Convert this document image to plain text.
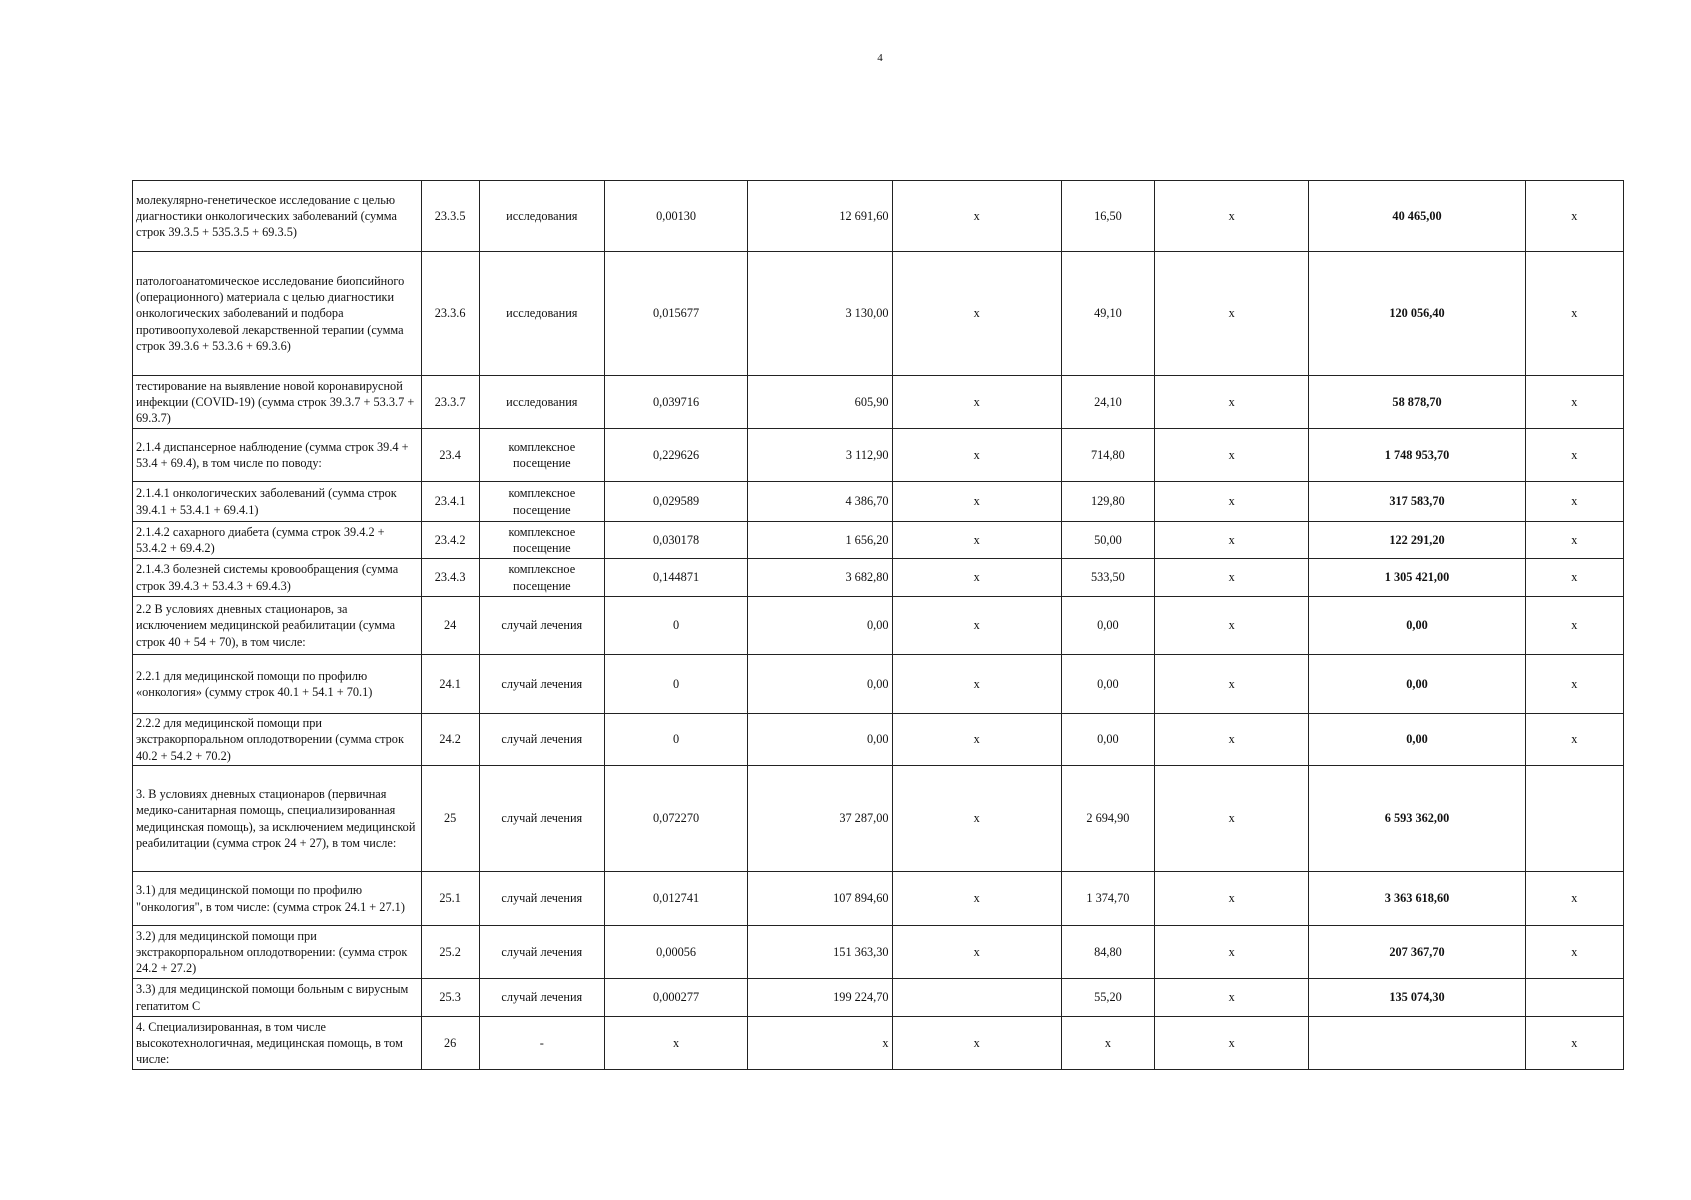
4
молекулярно-генетическое исследование с целью диагностики онкологических заболеваний (сумма строк 39.3.5 + 535.3.5 + 69.3.5)	23.3.5	исследования	0,00130	12 691,60	х	16,50	х	40 465,00	х
патологоанатомическое исследование биопсийного (операционного) материала с целью диагностики онкологических заболеваний и подбора противоопухолевой лекарственной терапии (сумма строк 39.3.6 + 53.3.6 + 69.3.6)	23.3.6	исследования	0,015677	3 130,00	х	49,10	х	120 056,40	х
тестирование на выявление новой коронавирусной инфекции (COVID-19) (сумма строк 39.3.7 + 53.3.7 + 69.3.7)	23.3.7	исследования	0,039716	605,90	х	24,10	х	58 878,70	х
2.1.4 диспансерное наблюдение (сумма строк 39.4 + 53.4 + 69.4), в том числе по поводу:	23.4	комплексное посещение	0,229626	3 112,90	х	714,80	х	1 748 953,70	х
2.1.4.1 онкологических заболеваний (сумма строк 39.4.1 + 53.4.1 + 69.4.1)	23.4.1	комплексное посещение	0,029589	4 386,70	х	129,80	х	317 583,70	х
2.1.4.2 сахарного диабета (сумма строк 39.4.2 + 53.4.2 + 69.4.2)	23.4.2	комплексное посещение	0,030178	1 656,20	х	50,00	х	122 291,20	х
2.1.4.3 болезней системы кровообращения (сумма строк 39.4.3 + 53.4.3 + 69.4.3)	23.4.3	комплексное посещение	0,144871	3 682,80	х	533,50	х	1 305 421,00	х
2.2 В условиях дневных стационаров, за исключением медицинской реабилитации (сумма строк 40 + 54 + 70), в том числе:	24	случай лечения	0	0,00	х	0,00	х	0,00	х
2.2.1 для медицинской помощи по профилю «онкология» (сумму строк 40.1 + 54.1 + 70.1)	24.1	случай лечения	0	0,00	х	0,00	х	0,00	х
2.2.2 для медицинской помощи при экстракорпоральном оплодотворении (сумма строк 40.2 + 54.2 + 70.2)	24.2	случай лечения	0	0,00	х	0,00	х	0,00	х
3. В условиях дневных стационаров (первичная медико-санитарная помощь, специализированная медицинская помощь), за исключением медицинской реабилитации (сумма строк 24 + 27), в том числе:	25	случай лечения	0,072270	37 287,00	х	2 694,90	х	6 593 362,00	
3.1) для медицинской помощи по профилю "онкология", в том числе: (сумма строк 24.1 + 27.1)	25.1	случай лечения	0,012741	107 894,60	х	1 374,70	х	3 363 618,60	х
3.2) для медицинской помощи при экстракорпоральном оплодотворении: (сумма строк 24.2 + 27.2)	25.2	случай лечения	0,00056	151 363,30	х	84,80	х	207 367,70	х
3.3) для медицинской помощи больным с вирусным гепатитом С	25.3	случай лечения	0,000277	199 224,70		55,20	х	135 074,30	
4. Специализированная, в том числе высокотехнологичная, медицинская помощь, в том числе:	26	-	х	х	х	х	х		х
